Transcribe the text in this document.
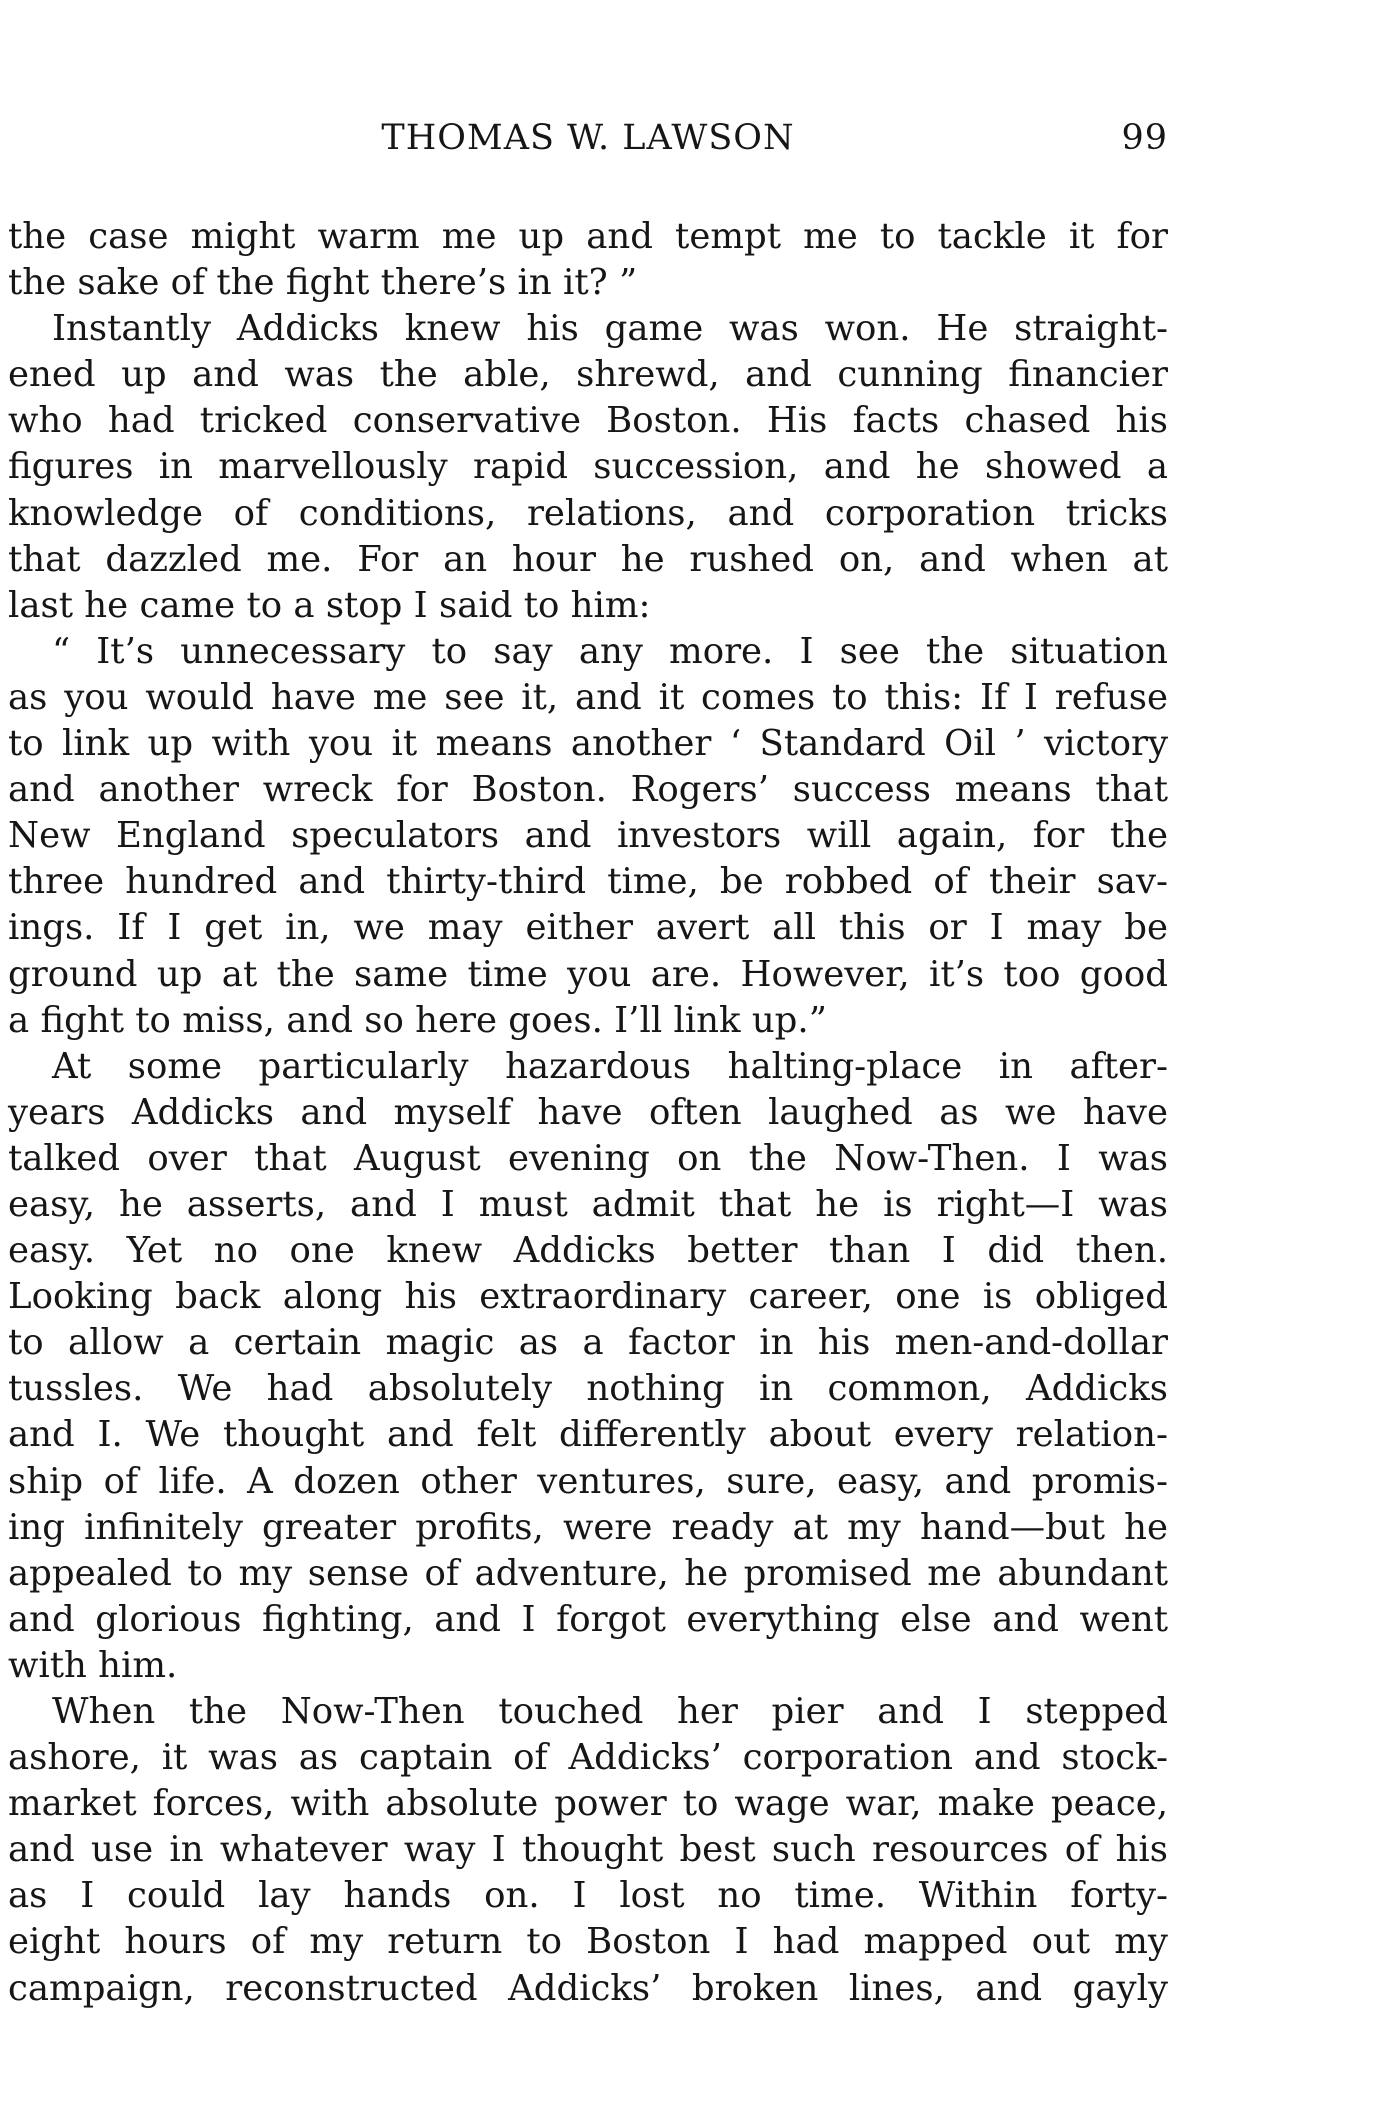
THOMAS W. LAWSON	99
the case might warm me up and tempt me to tackle it for
the sake of the fight there’s in it? ”
Instantly Addicks knew his game was won. He straight-
ened up and was the able, shrewd, and cunning financier
who had tricked conservative Boston. His facts chased his
figures in marvellously rapid succession, and he showed a
knowledge of conditions, relations, and corporation tricks
that dazzled me. For an hour he rushed on, and when at
last he came to a stop I said to him:
“ It’s unnecessary to say any more. I see the situation
as you would have me see it, and it comes to this: If I refuse
to link up with you it means another ‘ Standard Oil ’ victory
and another wreck for Boston. Rogers’ success means that
New England speculators and investors will again, for the
three hundred and thirty-third time, be robbed of their sav-
ings. If I get in, we may either avert all this or I may be
ground up at the same time you are. However, it’s too good
a fight to miss, and so here goes. I’ll link up.”
At some particularly hazardous halting-place in after-
years Addicks and myself have often laughed as we have
talked over that August evening on the Now-Then. I was
easy, he asserts, and I must admit that he is right—I was
easy. Yet no one knew Addicks better than I did then.
Looking back along his extraordinary career, one is obliged
to allow a certain magic as a factor in his men-and-dollar
tussles. We had absolutely nothing in common, Addicks
and I. We thought and felt differently about every relation-
ship of life. A dozen other ventures, sure, easy, and promis-
ing infinitely greater profits, were ready at my hand—but he
appealed to my sense of adventure, he promised me abundant
and glorious fighting, and I forgot everything else and went
with him.
When the Now-Then touched her pier and I stepped
ashore, it was as captain of Addicks’ corporation and stock-
market forces, with absolute power to wage war, make peace,
and use in whatever way I thought best such resources of his
as I could lay hands on. I lost no time. Within forty-
eight hours of my return to Boston I had mapped out my
campaign, reconstructed Addicks’ broken lines, and gayly
